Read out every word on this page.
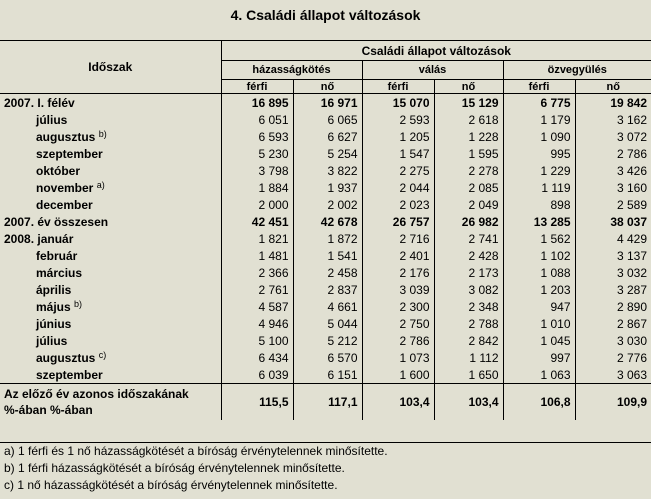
4. Családi állapot változások
Időszak	Családi állapot változások					
	házasságkötés		válás		özvegyülés	
	férfi	nő	férfi	nő	férfi	nő
2007. I. félév	16 895	16 971	15 070	15 129	6 775	19 842
július	6 051	6 065	2 593	2 618	1 179	3 162
augusztus $^{b)}$	6 593	6 627	1 205	1 228	1 090	3 072
szeptember	5 230	5 254	1 547	1 595	995	2 786
október	3 798	3 822	2 275	2 278	1 229	3 426
november $^{a)}$	1 884	1 937	2 044	2 085	1 119	3 160
december	2 000	2 002	2 023	2 049	898	2 589
2007. év összesen	42 451	42 678	26 757	26 982	13 285	38 037
2008. január	1 821	1 872	2 716	2 741	1 562	4 429
február	1 481	1 541	2 401	2 428	1 102	3 137
március	2 366	2 458	2 176	2 173	1 088	3 032
április	2 761	2 837	3 039	3 082	1 203	3 287
május $^{b)}$	4 587	4 661	2 300	2 348	947	2 890
június	4 946	5 044	2 750	2 788	1 010	2 867
július	5 100	5 212	2 786	2 842	1 045	3 030
augusztus $^{c)}$	6 434	6 570	1 073	1 112	997	2 776
szeptember	6 039	6 151	1 600	1 650	1 063	3 063

Az előző év azonos időszakának
%-ában %-ában	115,5	117,1	103,4	103,4	106,8	109,9
a) 1 férfi és 1 nő házasságkötését a bíróság érvénytelennek minősítette.
b) 1 férfi házasságkötését a bíróság érvénytelennek minősítette.
c) 1 nő házasságkötését a bíróság érvénytelennek minősítette.
